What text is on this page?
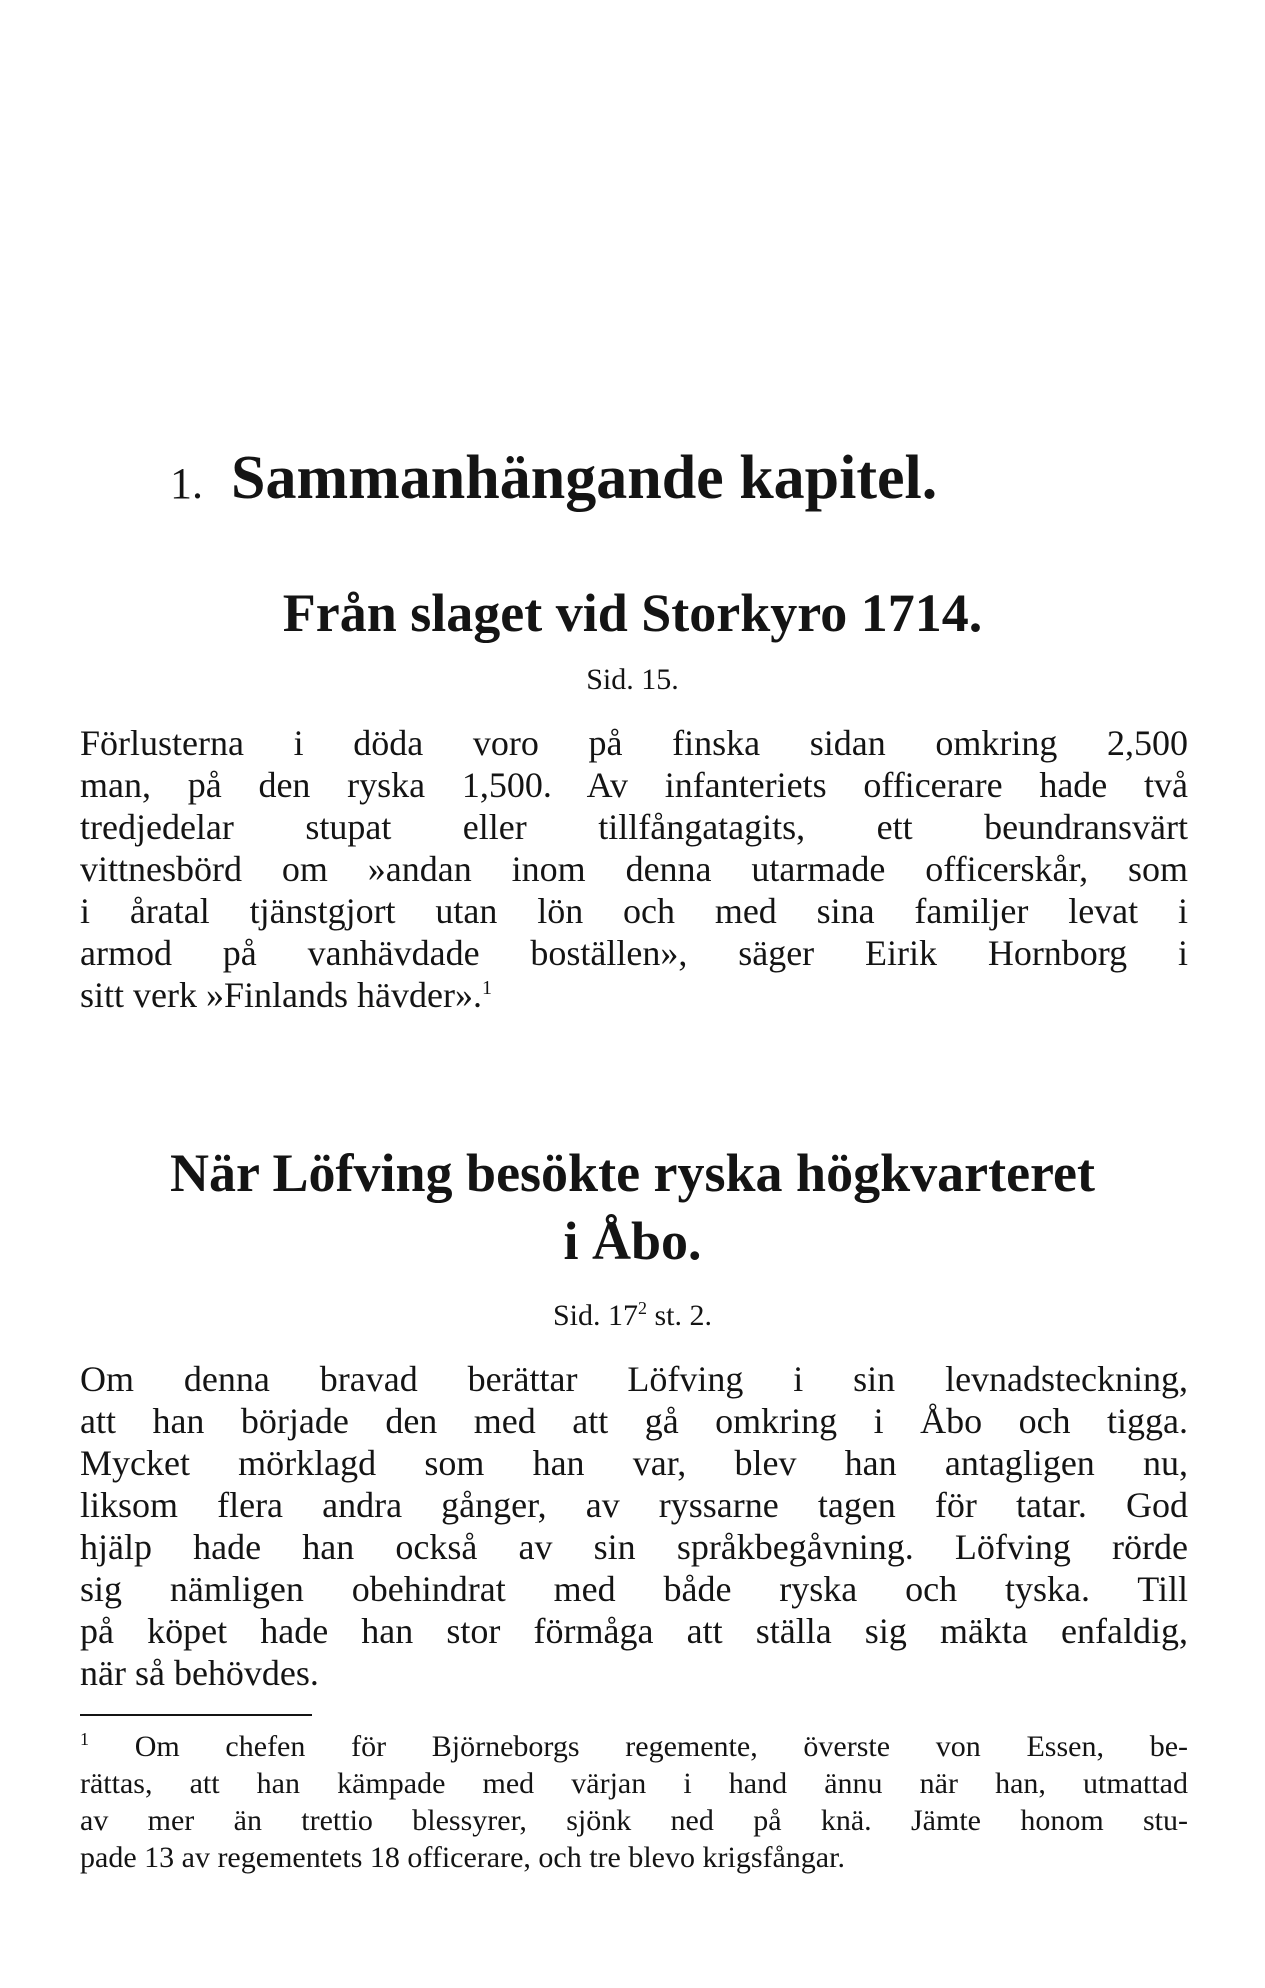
1. Sammanhängande kapitel.
Från slaget vid Storkyro 1714.
Sid. 15.
Förlusterna i döda voro på finska sidan omkring 2,500
man, på den ryska 1,500. Av infanteriets officerare hade två
tredjedelar stupat eller tillfångatagits, ett beundransvärt
vittnesbörd om »andan inom denna utarmade officerskår, som
i åratal tjänstgjort utan lön och med sina familjer levat i
armod på vanhävdade boställen», säger Eirik Hornborg i
sitt verk »Finlands hävder».$^1$
När Löfving besökte ryska högkvarteret
i Åbo.
Sid. $17^2$ st. 2.
Om denna bravad berättar Löfving i sin levnadsteckning,
att han började den med att gå omkring i Åbo och tigga.
Mycket mörklagd som han var, blev han antagligen nu,
liksom flera andra gånger, av ryssarne tagen för tatar. God
hjälp hade han också av sin språkbegåvning. Löfving rörde
sig nämligen obehindrat med både ryska och tyska. Till
på köpet hade han stor förmåga att ställa sig mäkta enfaldig,
när så behövdes.
$^1$ Om chefen för Björneborgs regemente, överste von Essen, be-
rättas, att han kämpade med värjan i hand ännu när han, utmattad
av mer än trettio blessyrer, sjönk ned på knä. Jämte honom stu-
pade 13 av regementets 18 officerare, och tre blevo krigsfångar.
